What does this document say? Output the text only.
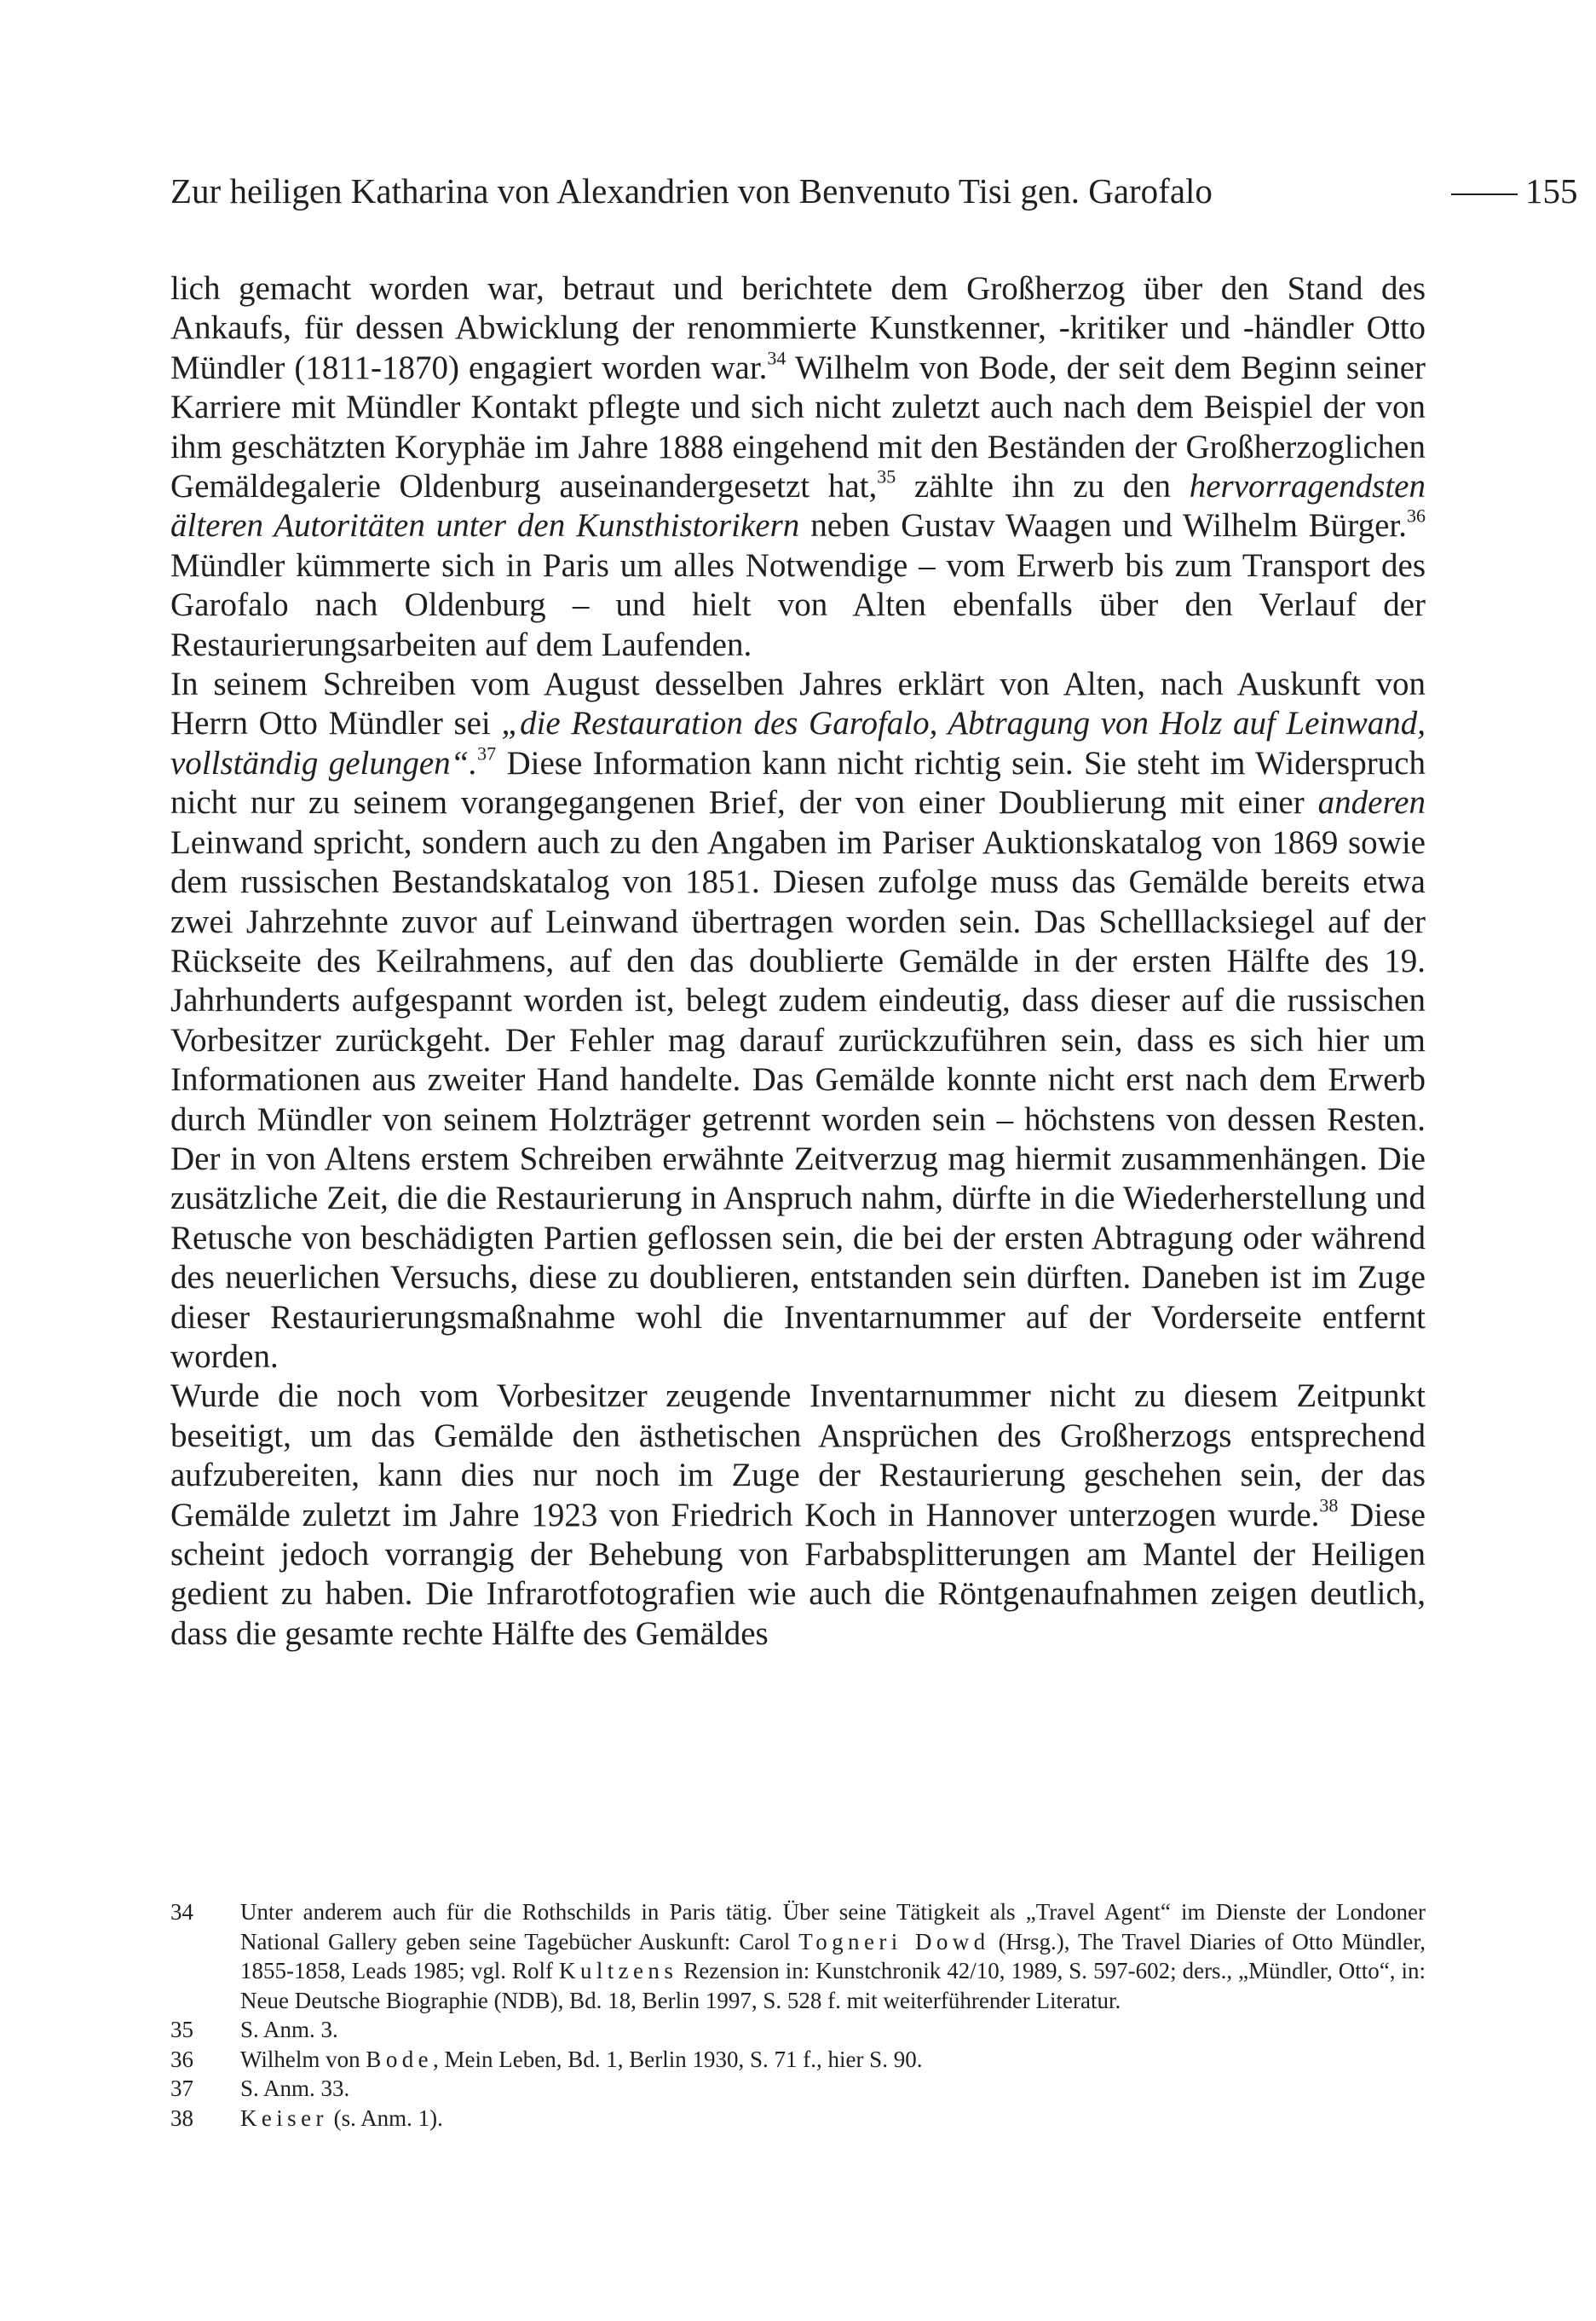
Zur heiligen Katharina von Alexandrien von Benvenuto Tisi gen. Garofalo	155

lich gemacht worden war, betraut und berichtete dem Großherzog über den Stand des Ankaufs, für dessen Abwicklung der renommierte Kunstkenner, -kritiker und -händler Otto Mündler (1811-1870) engagiert worden war.$^{34}$ Wilhelm von Bode, der seit dem Beginn seiner Karriere mit Mündler Kontakt pflegte und sich nicht zuletzt auch nach dem Beispiel der von ihm geschätzten Koryphäe im Jahre 1888 eingehend mit den Beständen der Großherzoglichen Gemäldegalerie Oldenburg auseinandergesetzt hat,$^{35}$ zählte ihn zu den hervorragendsten älteren Autoritäten unter den Kunsthistorikern neben Gustav Waagen und Wilhelm Bürger.$^{36}$ Mündler kümmerte sich in Paris um alles Notwendige – vom Erwerb bis zum Transport des Garofalo nach Oldenburg – und hielt von Alten ebenfalls über den Verlauf der Restaurierungsarbeiten auf dem Laufenden.

In seinem Schreiben vom August desselben Jahres erklärt von Alten, nach Auskunft von Herrn Otto Mündler sei „die Restauration des Garofalo, Abtragung von Holz auf Leinwand, vollständig gelungen“.$^{37}$ Diese Information kann nicht richtig sein. Sie steht im Widerspruch nicht nur zu seinem vorangegangenen Brief, der von einer Doublierung mit einer anderen Leinwand spricht, sondern auch zu den Angaben im Pariser Auktionskatalog von 1869 sowie dem russischen Bestandskatalog von 1851. Diesen zufolge muss das Gemälde bereits etwa zwei Jahrzehnte zuvor auf Leinwand übertragen worden sein. Das Schelllacksiegel auf der Rückseite des Keilrahmens, auf den das doublierte Gemälde in der ersten Hälfte des 19. Jahrhunderts aufgespannt worden ist, belegt zudem eindeutig, dass dieser auf die russischen Vorbesitzer zurückgeht. Der Fehler mag darauf zurückzuführen sein, dass es sich hier um Informationen aus zweiter Hand handelte. Das Gemälde konnte nicht erst nach dem Erwerb durch Mündler von seinem Holzträger getrennt worden sein – höchstens von dessen Resten. Der in von Altens erstem Schreiben erwähnte Zeitverzug mag hiermit zusammenhängen. Die zusätzliche Zeit, die die Restaurierung in Anspruch nahm, dürfte in die Wiederherstellung und Retusche von beschädigten Partien geflossen sein, die bei der ersten Abtragung oder während des neuerlichen Versuchs, diese zu doublieren, entstanden sein dürften. Daneben ist im Zuge dieser Restaurierungsmaßnahme wohl die Inventarnummer auf der Vorderseite entfernt worden.

Wurde die noch vom Vorbesitzer zeugende Inventarnummer nicht zu diesem Zeitpunkt beseitigt, um das Gemälde den ästhetischen Ansprüchen des Großherzogs entsprechend aufzubereiten, kann dies nur noch im Zuge der Restaurierung geschehen sein, der das Gemälde zuletzt im Jahre 1923 von Friedrich Koch in Hannover unterzogen wurde.$^{38}$ Diese scheint jedoch vorrangig der Behebung von Farbabsplitterungen am Mantel der Heiligen gedient zu haben. Die Infrarotfotografien wie auch die Röntgenaufnahmen zeigen deutlich, dass die gesamte rechte Hälfte des Gemäldes

34 Unter anderem auch für die Rothschilds in Paris tätig. Über seine Tätigkeit als „Travel Agent“ im Dienste der Londoner National Gallery geben seine Tagebücher Auskunft: Carol Togneri Dowd (Hrsg.), The Travel Diaries of Otto Mündler, 1855-1858, Leads 1985; vgl. Rolf Kultzens Rezension in: Kunstchronik 42/10, 1989, S. 597-602; ders., „Mündler, Otto“, in: Neue Deutsche Biographie (NDB), Bd. 18, Berlin 1997, S. 528 f. mit weiterführender Literatur.
35 S. Anm. 3.
36 Wilhelm von Bode, Mein Leben, Bd. 1, Berlin 1930, S. 71 f., hier S. 90.
37 S. Anm. 33.
38 Keiser (s. Anm. 1).
